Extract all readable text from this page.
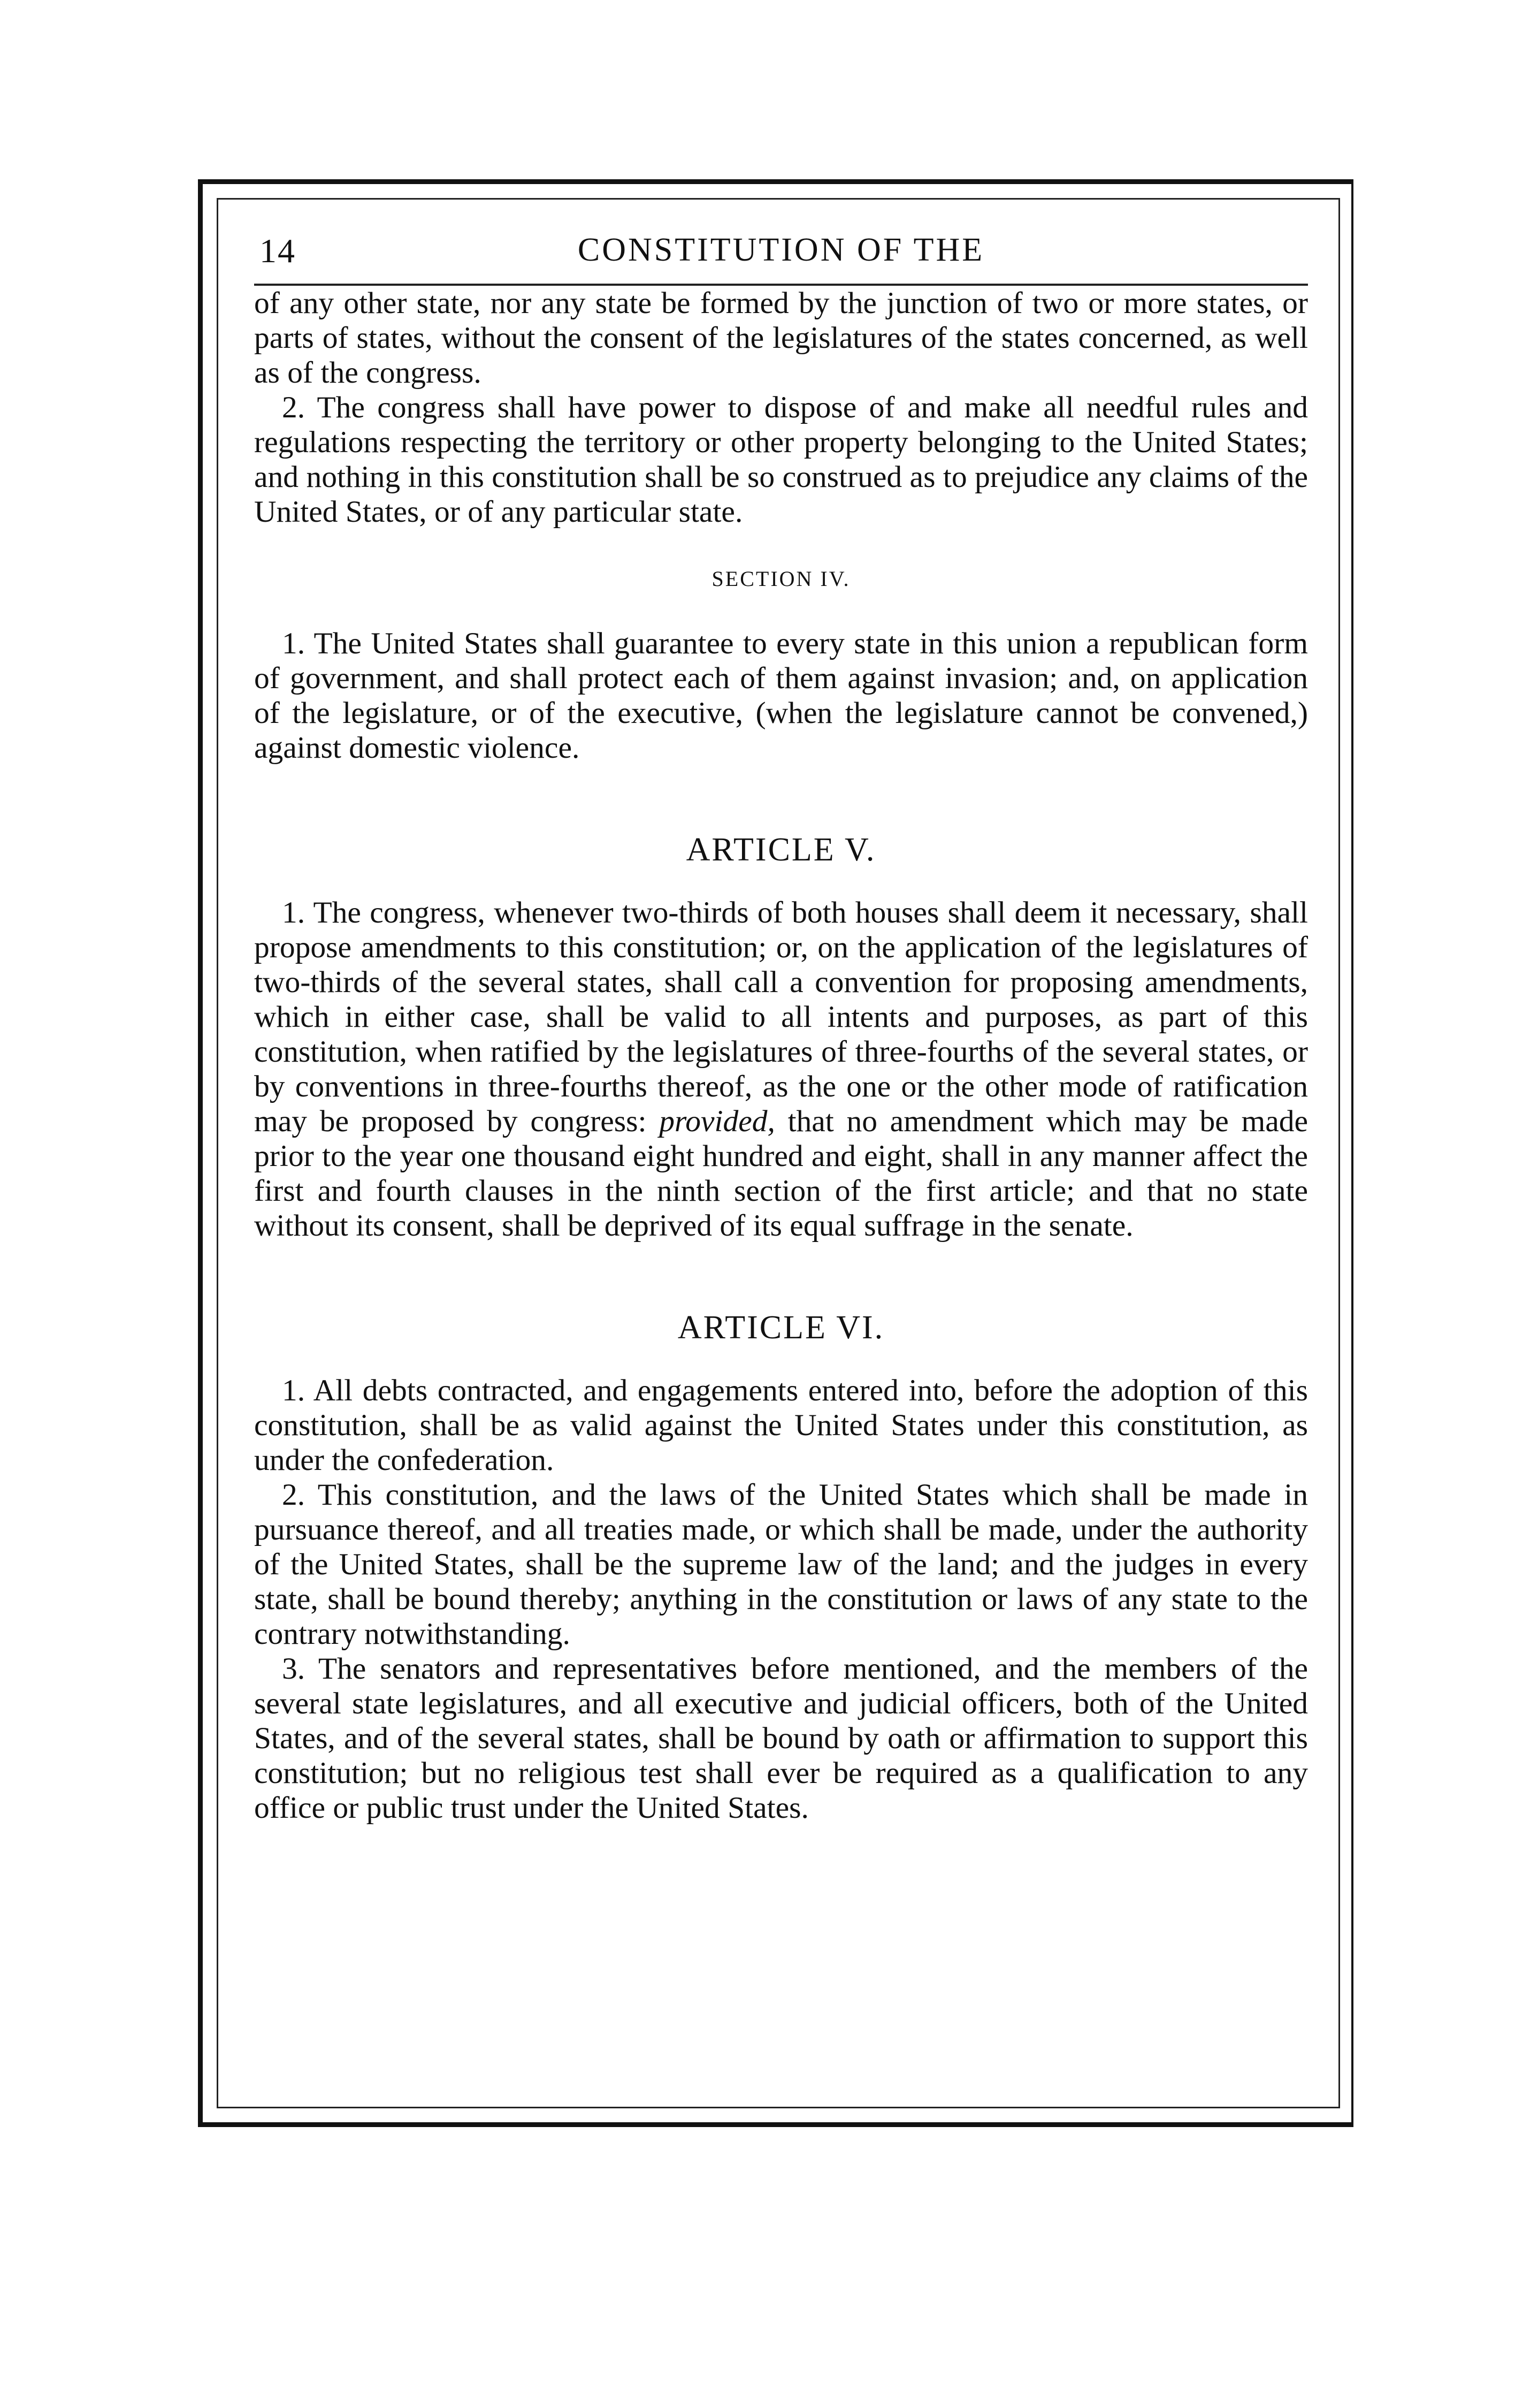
14	CONSTITUTION OF THE

of any other state, nor any state be formed by the junction of two or more states, or parts of states, without the consent of the legislatures of the states concerned, as well as of the congress.

2. The congress shall have power to dispose of and make all needful rules and regulations respecting the territory or other property belonging to the United States; and nothing in this constitution shall be so construed as to prejudice any claims of the United States, or of any particular state.

SECTION IV.

1. The United States shall guarantee to every state in this union a republican form of government, and shall protect each of them against invasion; and, on application of the legislature, or of the executive, (when the legislature cannot be convened,) against domestic violence.

ARTICLE V.

1. The congress, whenever two-thirds of both houses shall deem it necessary, shall propose amendments to this constitution; or, on the application of the legislatures of two-thirds of the several states, shall call a convention for proposing amendments, which in either case, shall be valid to all intents and purposes, as part of this constitution, when ratified by the legislatures of three-fourths of the several states, or by conventions in three-fourths thereof, as the one or the other mode of ratification may be proposed by congress: provided, that no amendment which may be made prior to the year one thousand eight hundred and eight, shall in any manner affect the first and fourth clauses in the ninth section of the first article; and that no state without its consent, shall be deprived of its equal suffrage in the senate.

ARTICLE VI.

1. All debts contracted, and engagements entered into, before the adoption of this constitution, shall be as valid against the United States under this constitution, as under the confederation.

2. This constitution, and the laws of the United States which shall be made in pursuance thereof, and all treaties made, or which shall be made, under the authority of the United States, shall be the supreme law of the land; and the judges in every state, shall be bound thereby; anything in the constitution or laws of any state to the contrary notwithstanding.

3. The senators and representatives before mentioned, and the members of the several state legislatures, and all executive and judicial officers, both of the United States, and of the several states, shall be bound by oath or affirmation to support this constitution; but no religious test shall ever be required as a qualification to any office or public trust under the United States.
